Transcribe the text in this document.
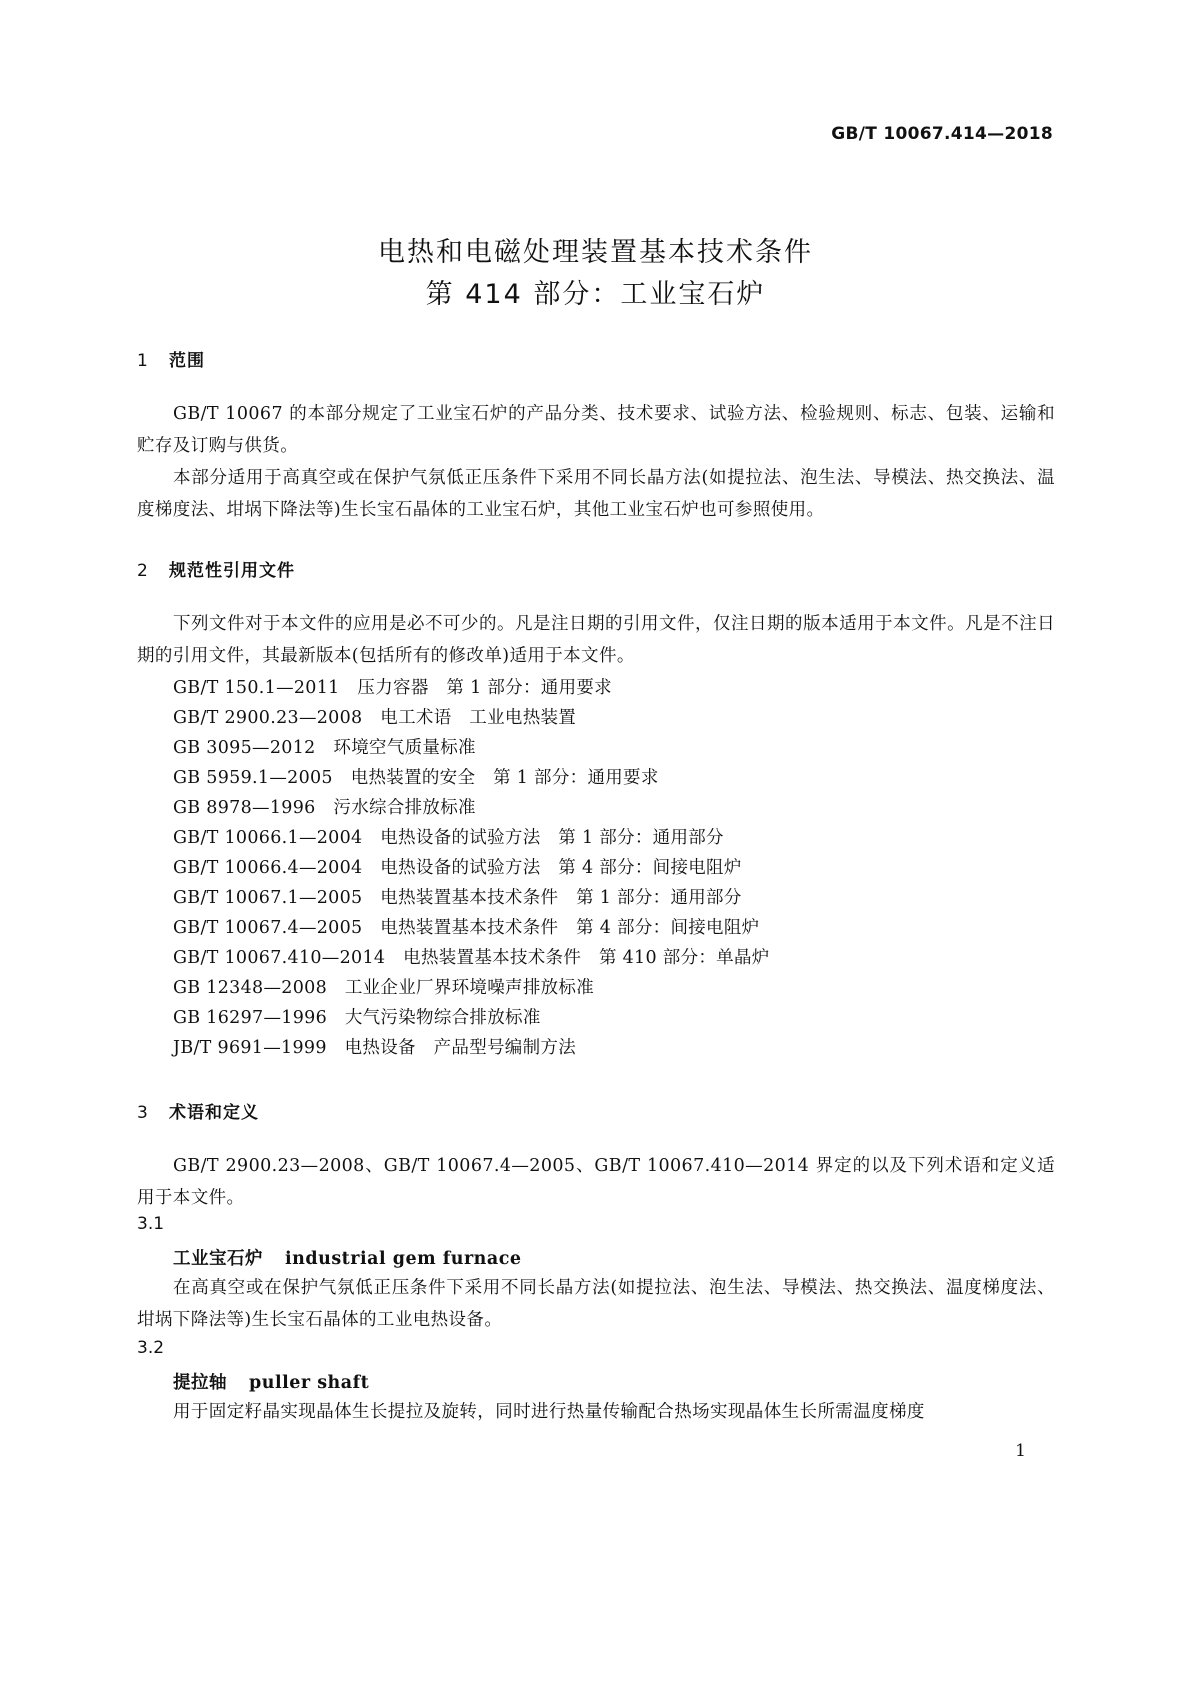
GB/T 10067.414—2018
电热和电磁处理装置基本技术条件
第 414 部分：工业宝石炉
1 范围
GB/T 10067 的本部分规定了工业宝石炉的产品分类、技术要求、试验方法、检验规则、标志、包装、运输和贮存及订购与供货。
本部分适用于高真空或在保护气氛低正压条件下采用不同长晶方法(如提拉法、泡生法、导模法、热交换法、温度梯度法、坩埚下降法等)生长宝石晶体的工业宝石炉，其他工业宝石炉也可参照使用。
2 规范性引用文件
下列文件对于本文件的应用是必不可少的。凡是注日期的引用文件，仅注日期的版本适用于本文件。凡是不注日期的引用文件，其最新版本(包括所有的修改单)适用于本文件。
GB/T 150.1—2011　 压力容器　第 1 部分：通用要求
GB/T 2900.23—2008　 电工术语　工业电热装置
GB 3095—2012　 环境空气质量标准
GB 5959.1—2005　 电热装置的安全　第 1 部分：通用要求
GB 8978—1996　 污水综合排放标准
GB/T 10066.1—2004　 电热设备的试验方法　第 1 部分：通用部分
GB/T 10066.4—2004　 电热设备的试验方法　第 4 部分：间接电阻炉
GB/T 10067.1—2005　 电热装置基本技术条件　第 1 部分：通用部分
GB/T 10067.4—2005　 电热装置基本技术条件　第 4 部分：间接电阻炉
GB/T 10067.410—2014　 电热装置基本技术条件　第 410 部分：单晶炉
GB 12348—2008　 工业企业厂界环境噪声排放标准
GB 16297—1996　 大气污染物综合排放标准
JB/T 9691—1999　 电热设备　产品型号编制方法
3 术语和定义
GB/T 2900.23—2008、GB/T 10067.4—2005、GB/T 10067.410—2014 界定的以及下列术语和定义适用于本文件。
3.1
工业宝石炉 industrial gem furnace
在高真空或在保护气氛低正压条件下采用不同长晶方法(如提拉法、泡生法、导模法、热交换法、温度梯度法、坩埚下降法等)生长宝石晶体的工业电热设备。
3.2
提拉轴 puller shaft
用于固定籽晶实现晶体生长提拉及旋转，同时进行热量传输配合热场实现晶体生长所需温度梯度
1
